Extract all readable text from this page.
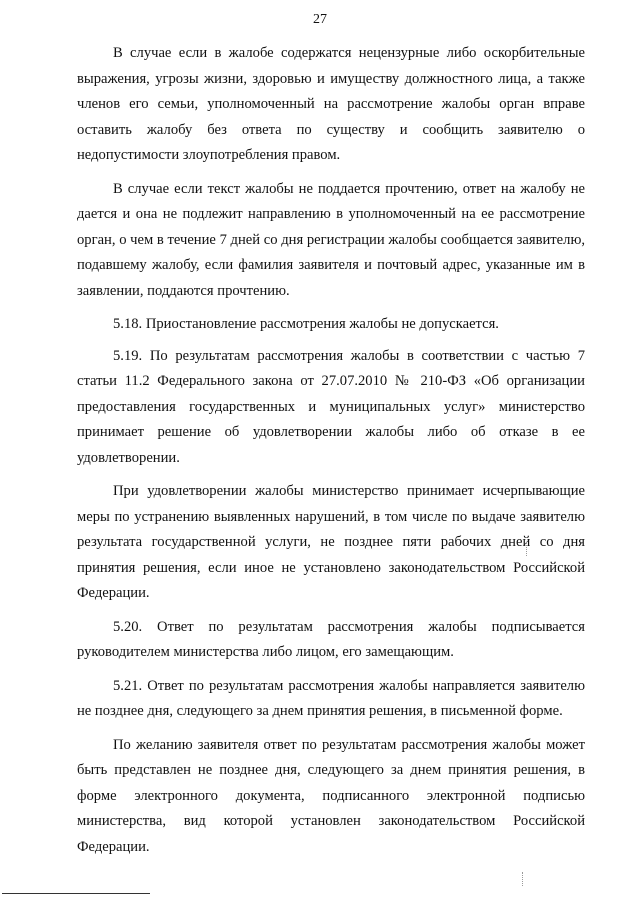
27

В случае если в жалобе содержатся нецензурные либо оскорбительные выражения, угрозы жизни, здоровью и имуществу должностного лица, а также членов его семьи, уполномоченный на рассмотрение жалобы орган вправе оставить жалобу без ответа по существу и сообщить заявителю о недопустимости злоупотребления правом.

В случае если текст жалобы не поддается прочтению, ответ на жалобу не дается и она не подлежит направлению в уполномоченный на ее рассмотрение орган, о чем в течение 7 дней со дня регистрации жалобы сообщается заявителю, подавшему жалобу, если фамилия заявителя и почтовый адрес, указанные им в заявлении, поддаются прочтению.

5.18. Приостановление рассмотрения жалобы не допускается.

5.19. По результатам рассмотрения жалобы в соответствии с частью 7 статьи 11.2 Федерального закона от 27.07.2010 № 210-ФЗ «Об организации предоставления государственных и муниципальных услуг» министерство принимает решение об удовлетворении жалобы либо об отказе в ее удовлетворении.

При удовлетворении жалобы министерство принимает исчерпывающие меры по устранению выявленных нарушений, в том числе по выдаче заявителю результата государственной услуги, не позднее пяти рабочих дней со дня принятия решения, если иное не установлено законодательством Российской Федерации.

5.20. Ответ по результатам рассмотрения жалобы подписывается руководителем министерства либо лицом, его замещающим.

5.21. Ответ по результатам рассмотрения жалобы направляется заявителю не позднее дня, следующего за днем принятия решения, в письменной форме.

По желанию заявителя ответ по результатам рассмотрения жалобы может быть представлен не позднее дня, следующего за днем принятия решения, в форме электронного документа, подписанного электронной подписью министерства, вид которой установлен законодательством Российской Федерации.
